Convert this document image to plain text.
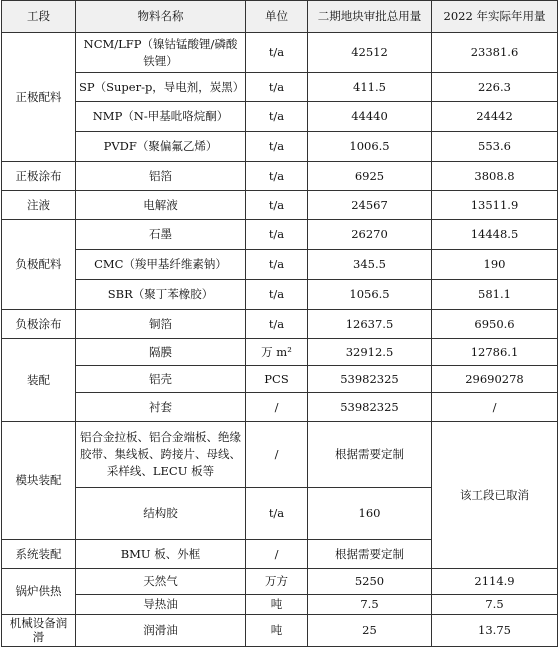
工段	物料名称	单位	二期地块审批总用量	2022 年实际年用量
正极配料	NCM/LFP（镍钴锰酸锂/磷酸铁锂）	t/a	42512	23381.6
	SP（Super-p，导电剂，炭黑）	t/a	411.5	226.3
	NMP（N-甲基吡咯烷酮）	t/a	44440	24442
	PVDF（聚偏氟乙烯）	t/a	1006.5	553.6
正极涂布	铝箔	t/a	6925	3808.8
注液	电解液	t/a	24567	13511.9
负极配料	石墨	t/a	26270	14448.5
	CMC（羧甲基纤维素钠）	t/a	345.5	190
	SBR（聚丁苯橡胶）	t/a	1056.5	581.1
负极涂布	铜箔	t/a	12637.5	6950.6
装配	隔膜	万 m²	32912.5	12786.1
	铝壳	PCS	53982325	29690278
	衬套	/	53982325	/
模块装配	铝合金拉板、铝合金端板、绝缘胶带、集线板、跨接片、母线、采样线、LECU 板等	/	根据需要定制	该工段已取消
	结构胶	t/a	160	
系统装配	BMU 板、外框	/	根据需要定制	
锅炉供热	天然气	万方	5250	2114.9
	导热油	吨	7.5	7.5
机械设备润滑	润滑油	吨	25	13.75
